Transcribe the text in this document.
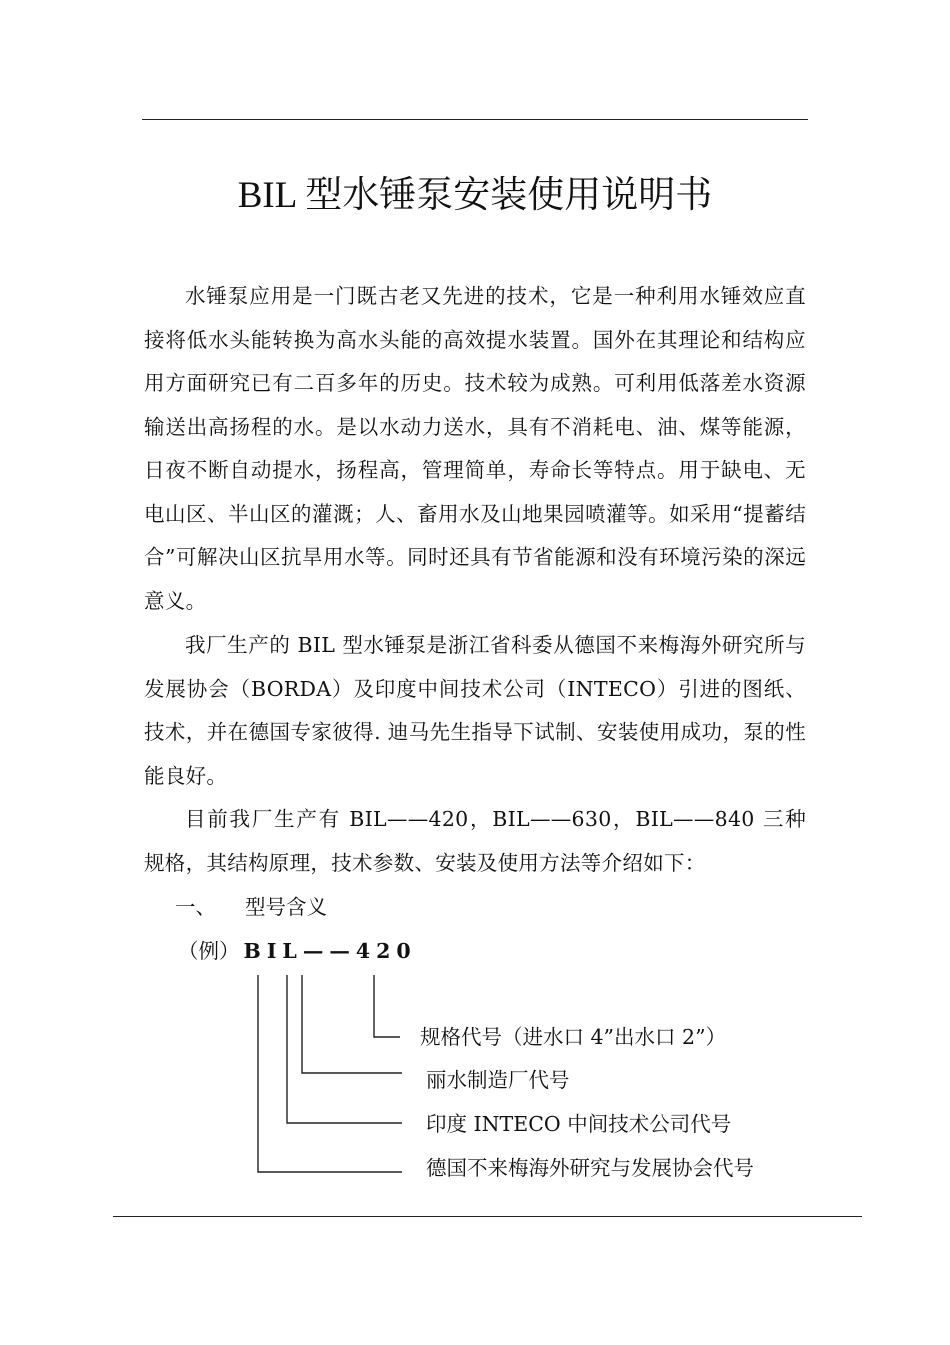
BIL 型水锤泵安装使用说明书

水锤泵应用是一门既古老又先进的技术，它是一种利用水锤效应直接将低水头能转换为高水头能的高效提水装置。国外在其理论和结构应用方面研究已有二百多年的历史。技术较为成熟。可利用低落差水资源输送出高扬程的水。是以水动力送水，具有不消耗电、油、煤等能源，日夜不断自动提水，扬程高，管理简单，寿命长等特点。用于缺电、无电山区、半山区的灌溉；人、畜用水及山地果园喷灌等。如采用“提蓄结合”可解决山区抗旱用水等。同时还具有节省能源和没有环境污染的深远意义。

我厂生产的 BIL 型水锤泵是浙江省科委从德国不来梅海外研究所与发展协会（BORDA）及印度中间技术公司（INTECO）引进的图纸、技术，并在德国专家彼得. 迪马先生指导下试制、安装使用成功，泵的性能良好。

目前我厂生产有 BIL——420，BIL——630，BIL——840 三种规格，其结构原理，技术参数、安装及使用方法等介绍如下：

一、 型号含义
（例） BIL——420
规格代号（进水口 4”出水口 2”）
丽水制造厂代号
印度 INTECO 中间技术公司代号
德国不来梅海外研究与发展协会代号
